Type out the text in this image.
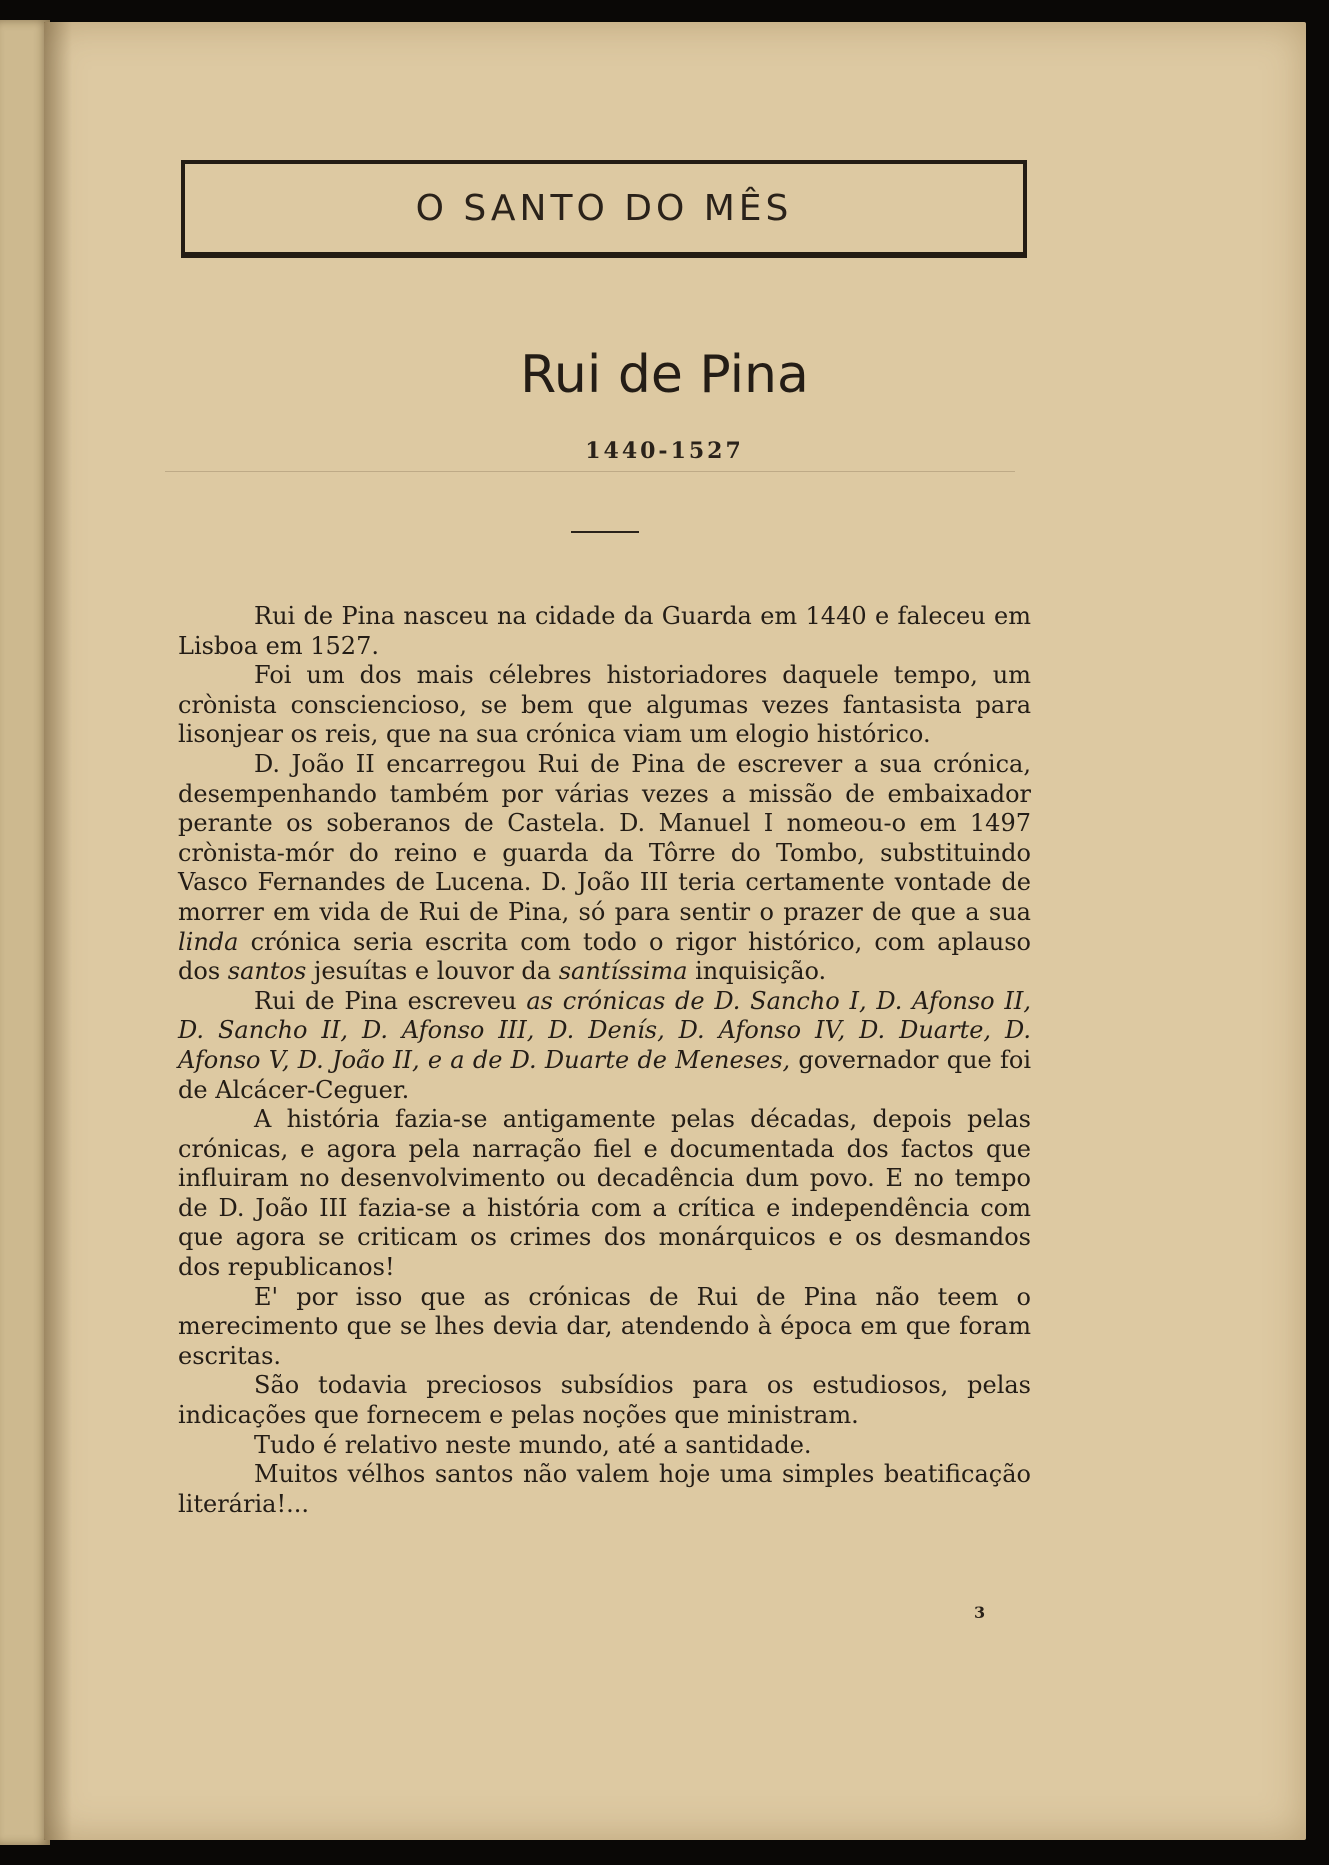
O SANTO DO MÊS
Rui de Pina
1440-1527

Rui de Pina nasceu na cidade da Guarda em 1440 e faleceu em Lisboa em 1527.

Foi um dos mais célebres historiadores daquele tempo, um crònista consciencioso, se bem que algumas vezes fantasista para lisonjear os reis, que na sua crónica viam um elogio histórico.

D. João II encarregou Rui de Pina de escrever a sua crónica, desempenhando também por várias vezes a missão de embaixador perante os soberanos de Castela. D. Manuel I nomeou-o em 1497 crònista-mór do reino e guarda da Tôrre do Tombo, substituindo Vasco Fernandes de Lucena. D. João III teria certamente vontade de morrer em vida de Rui de Pina, só para sentir o prazer de que a sua linda crónica seria escrita com todo o rigor histórico, com aplauso dos santos jesuítas e louvor da santíssima inquisição.

Rui de Pina escreveu as crónicas de D. Sancho I, D. Afonso II, D. Sancho II, D. Afonso III, D. Denís, D. Afonso IV, D. Duarte, D. Afonso V, D. João II, e a de D. Duarte de Meneses, governador que foi de Alcácer-Ceguer.

A história fazia-se antigamente pelas décadas, depois pelas crónicas, e agora pela narração fiel e documentada dos factos que influiram no desenvolvimento ou decadência dum povo. E no tempo de D. João III fazia-se a história com a crítica e independência com que agora se criticam os crimes dos monárquicos e os desmandos dos republicanos!

E' por isso que as crónicas de Rui de Pina não teem o merecimento que se lhes devia dar, atendendo à época em que foram escritas.

São todavia preciosos subsídios para os estudiosos, pelas indicações que fornecem e pelas noções que ministram.

Tudo é relativo neste mundo, até a santidade.

Muitos vélhos santos não valem hoje uma simples beatificação literária!...

3
